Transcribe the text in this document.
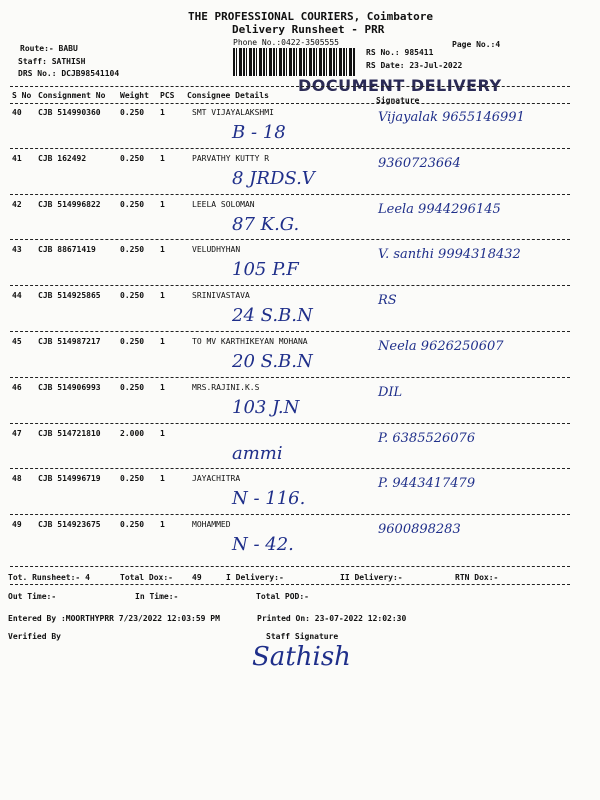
THE PROFESSIONAL COURIERS, Coimbatore
Delivery Runsheet - PRR
Phone No.:0422-3505555	Page No.:4
Route:- BABU
Staff: SATHISH
DRS No.: DCJB98541104
RS No.: 985411
RS Date: 23-Jul-2022
DOCUMENT DELIVERY
S No Consignment No Weight PCS Consignee Details
Signature
40 CJB 514990360 0.250 1	SMT VIJAYALAKSHMI
B - 18
Vijayalak 9655146991
41 CJB 162492	0.250 1	PARVATHY KUTTY R
8 JRDS.V
9360723664
42 CJB 514996822 0.250 1	LEELA SOLOMAN
87 K.G.
Leela 9944296145
43 CJB 88671419	0.250 1	VELUDHYHAN
105 P.F
V. santhi 9994318432
44 CJB 514925865 0.250 1	SRINIVASTAVA
24 S.B.N
RS
45 CJB 514987217 0.250 1	TO MV KARTHIKEYAN MOHANA
20 S.B.N
Neela 9626250607
46 CJB 514906993 0.250 1	MRS.RAJINI.K.S
103 J.N
DIL
47 CJB 514721810 2.000 1
ammi
P. 6385526076
48 CJB 514996719 0.250 1	JAYACHITRA
N - 116.
P. 9443417479
49 CJB 514923675 0.250 1	MOHAMMED
N - 42.
9600898283
Tot. Runsheet:- 4	Total Dox:- 49	I Delivery:-	II Delivery:-	RTN Dox:-
Out Time:-	In Time:-	Total POD:-
Entered By :MOORTHYPRR 7/23/2022 12:03:59 PM	Printed On: 23-07-2022 12:02:30
Verified By	Staff Signature
Sathish
